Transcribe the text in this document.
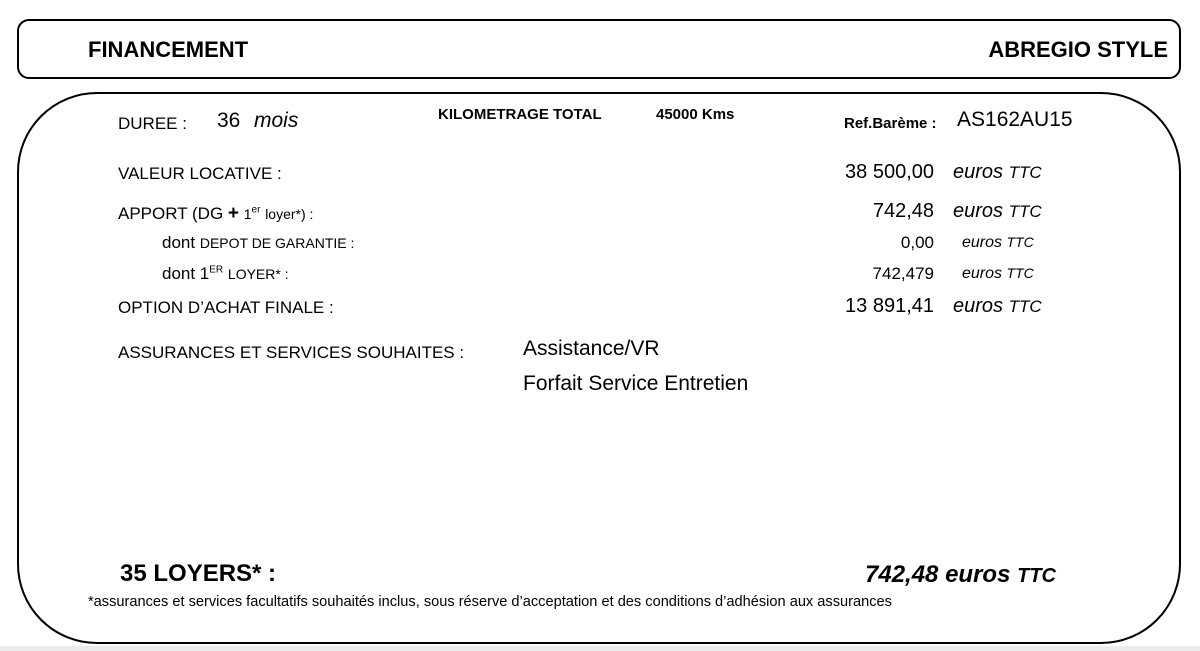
FINANCEMENT	ABREGIO STYLE
DUREE : 36 mois	KILOMETRAGE TOTAL	45000 Kms
Ref.Barème : AS162AU15
VALEUR LOCATIVE :	38 500,00 euros TTC
APPORT (DG + 1er loyer*) :	742,48 euros TTC
dont DEPOT DE GARANTIE :	0,00 euros TTC
dont 1ER LOYER* :	742,479 euros TTC
OPTION D’ACHAT FINALE :	13 891,41 euros TTC
ASSURANCES ET SERVICES SOUHAITES :	Assistance/VR
Forfait Service Entretien
35 LOYERS* :	742,48 euros TTC
*assurances et services facultatifs souhaités inclus, sous réserve d’acceptation et des conditions d’adhésion aux assurances
